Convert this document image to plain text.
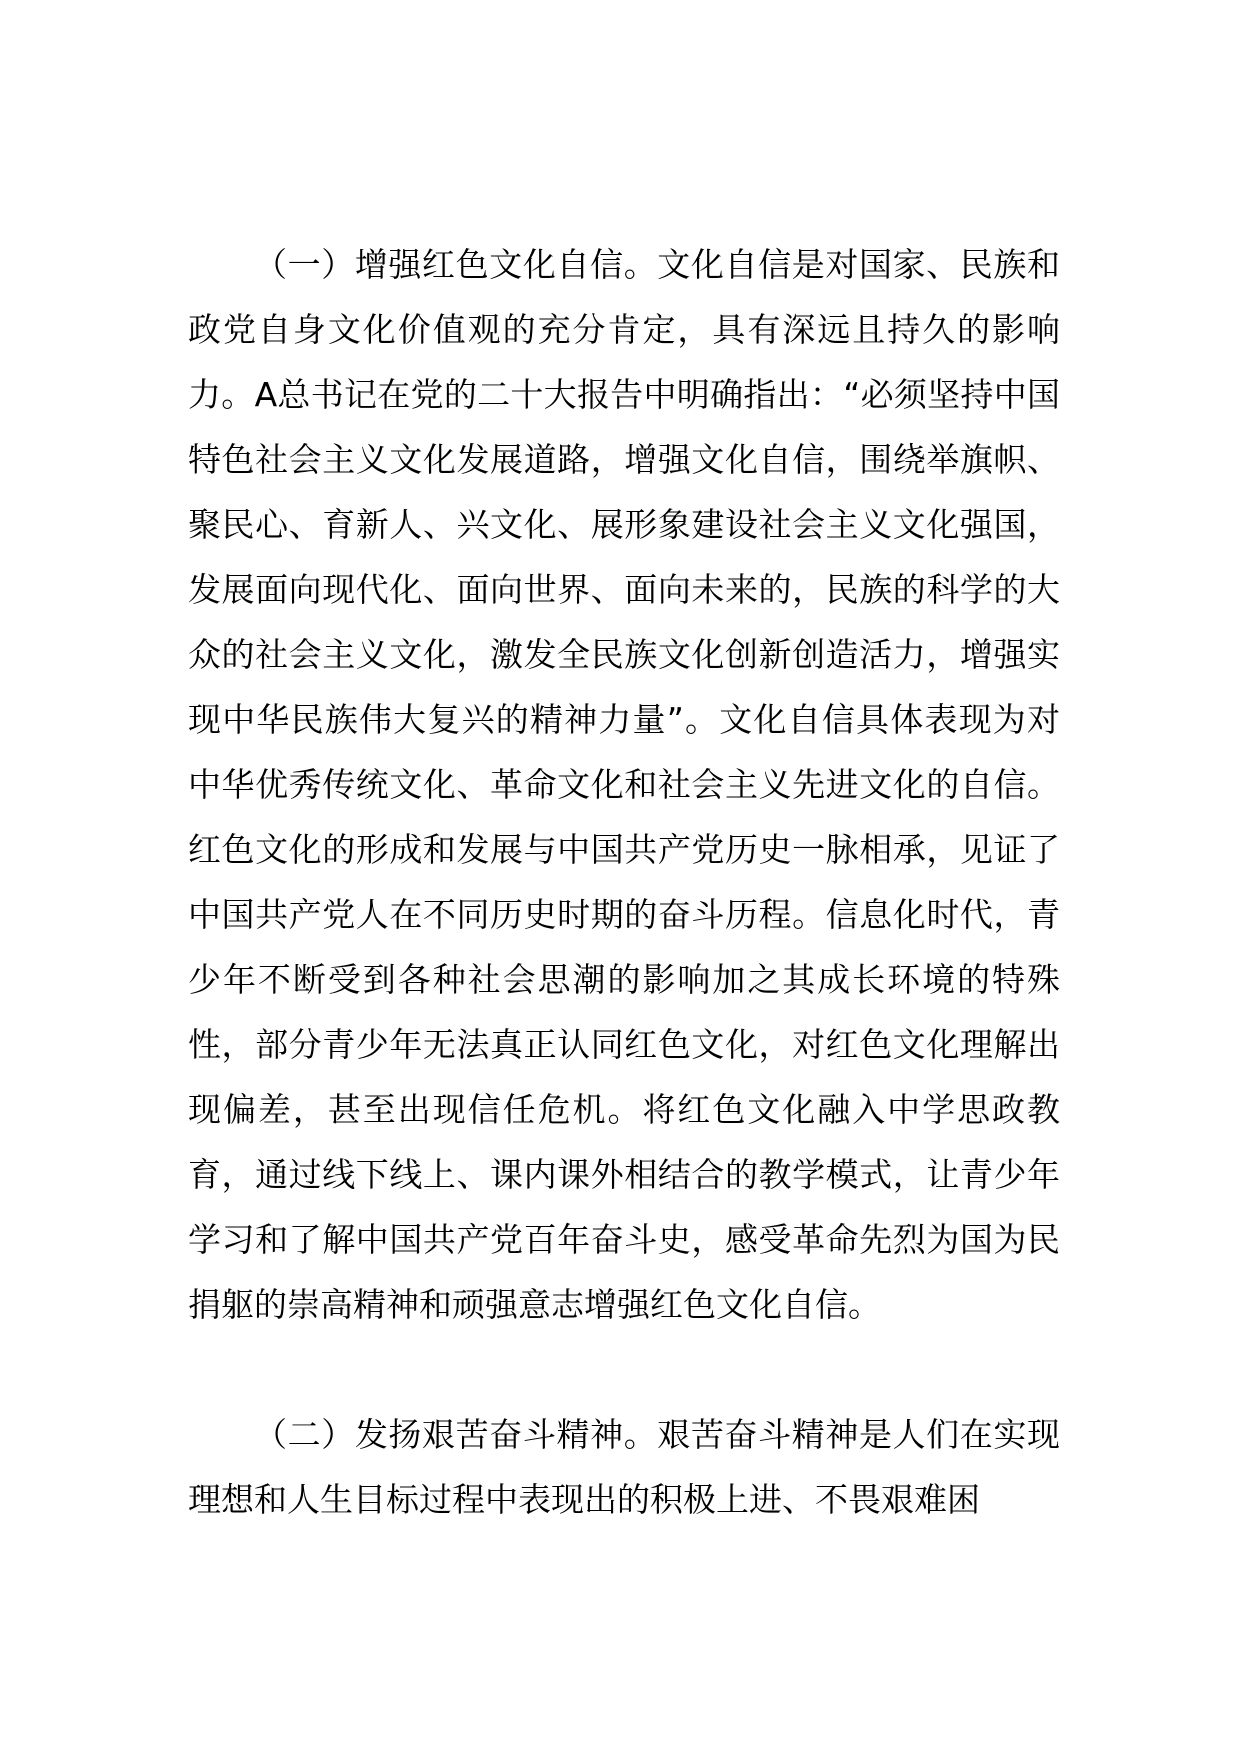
（一）增强红色文化自信。文化自信是对国家、民族和政党自身文化价值观的充分肯定，具有深远且持久的影响力。A总书记在党的二十大报告中明确指出：“必须坚持中国特色社会主义文化发展道路，增强文化自信，围绕举旗帜、聚民心、育新人、兴文化、展形象建设社会主义文化强国，发展面向现代化、面向世界、面向未来的，民族的科学的大众的社会主义文化，激发全民族文化创新创造活力，增强实现中华民族伟大复兴的精神力量”。文化自信具体表现为对中华优秀传统文化、革命文化和社会主义先进文化的自信。红色文化的形成和发展与中国共产党历史一脉相承，见证了中国共产党人在不同历史时期的奋斗历程。信息化时代，青少年不断受到各种社会思潮的影响加之其成长环境的特殊性，部分青少年无法真正认同红色文化，对红色文化理解出现偏差，甚至出现信任危机。将红色文化融入中学思政教育，通过线下线上、课内课外相结合的教学模式，让青少年学习和了解中国共产党百年奋斗史，感受革命先烈为国为民捐躯的崇高精神和顽强意志增强红色文化自信。

（二）发扬艰苦奋斗精神。艰苦奋斗精神是人们在实现理想和人生目标过程中表现出的积极上进、不畏艰难困
